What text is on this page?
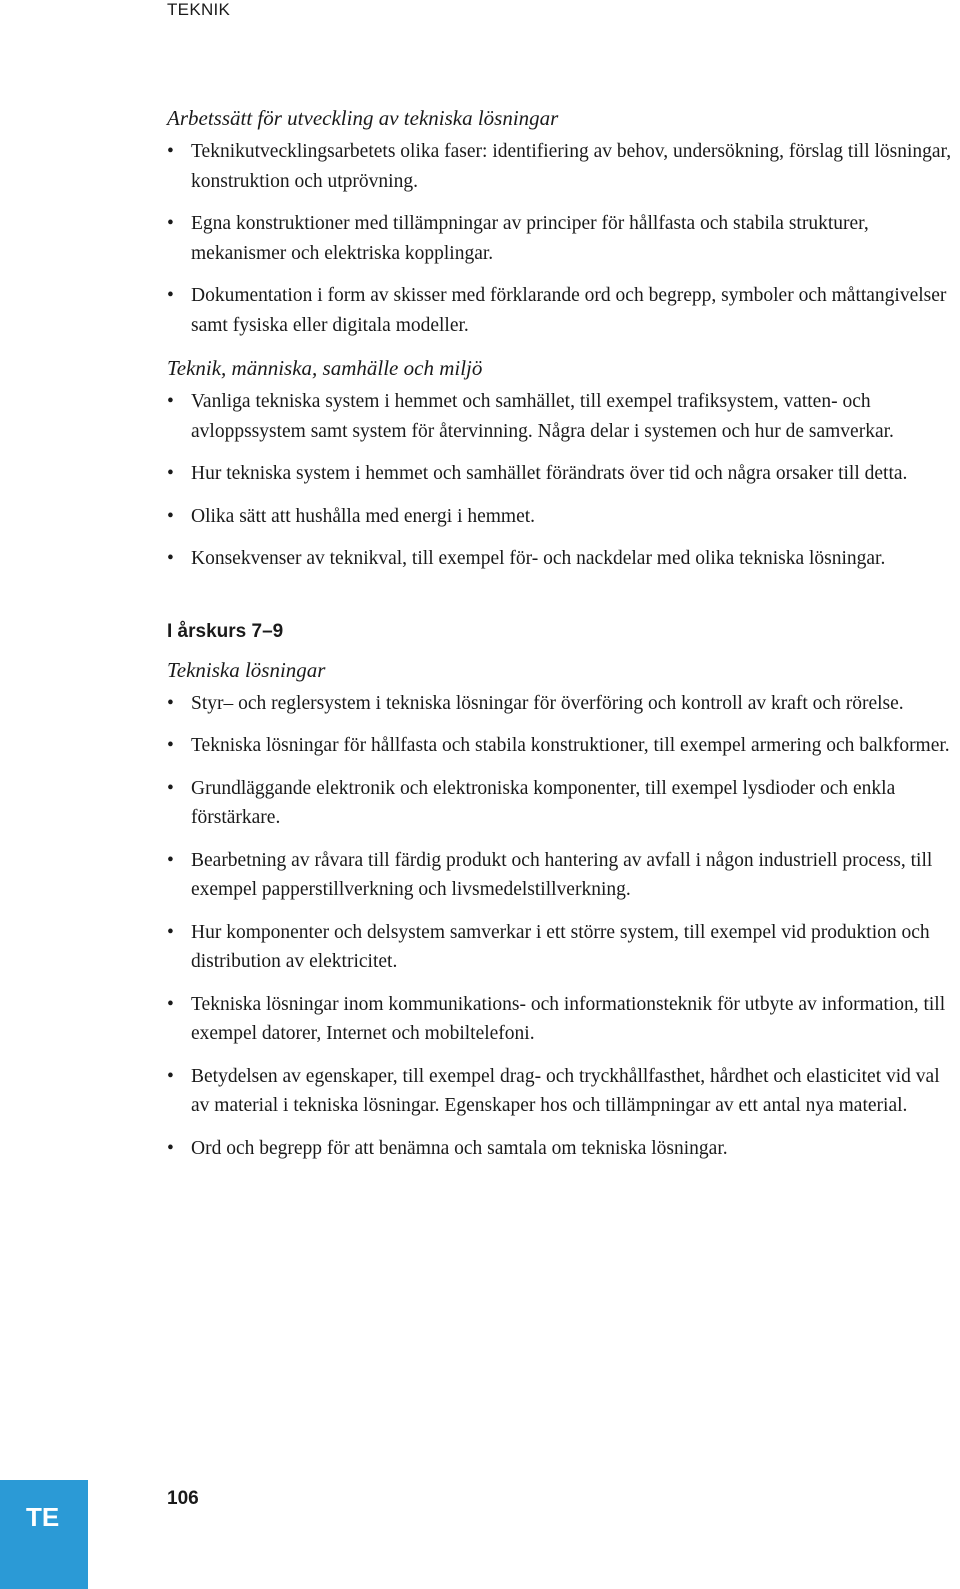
TEKNIK
Arbetssätt för utveckling av tekniska lösningar
• Teknikutvecklingsarbetets olika faser: identifiering av behov, undersökning, förslag till lösningar, konstruktion och utprövning.
• Egna konstruktioner med tillämpningar av principer för hållfasta och stabila strukturer, mekanismer och elektriska kopplingar.
• Dokumentation i form av skisser med förklarande ord och begrepp, symboler och måttangivelser samt fysiska eller digitala modeller.
Teknik, människa, samhälle och miljö
• Vanliga tekniska system i hemmet och samhället, till exempel trafiksystem, vatten- och avloppssystem samt system för återvinning. Några delar i systemen och hur de samverkar.
• Hur tekniska system i hemmet och samhället förändrats över tid och några orsaker till detta.
• Olika sätt att hushålla med energi i hemmet.
• Konsekvenser av teknikval, till exempel för- och nackdelar med olika tekniska lösningar.
I årskurs 7–9
Tekniska lösningar
• Styr– och reglersystem i tekniska lösningar för överföring och kontroll av kraft och rörelse.
• Tekniska lösningar för hållfasta och stabila konstruktioner, till exempel armering och balkformer.
• Grundläggande elektronik och elektroniska komponenter, till exempel lysdioder och enkla förstärkare.
• Bearbetning av råvara till färdig produkt och hantering av avfall i någon industriell process, till exempel papperstillverkning och livsmedelstillverkning.
• Hur komponenter och delsystem samverkar i ett större system, till exempel vid produktion och distribution av elektricitet.
• Tekniska lösningar inom kommunikations- och informationsteknik för utbyte av information, till exempel datorer, Internet och mobiltelefoni.
• Betydelsen av egenskaper, till exempel drag- och tryckhållfasthet, hårdhet och elasticitet vid val av material i tekniska lösningar. Egenskaper hos och tillämpningar av ett antal nya material.
• Ord och begrepp för att benämna och samtala om tekniska lösningar.
TE
106
